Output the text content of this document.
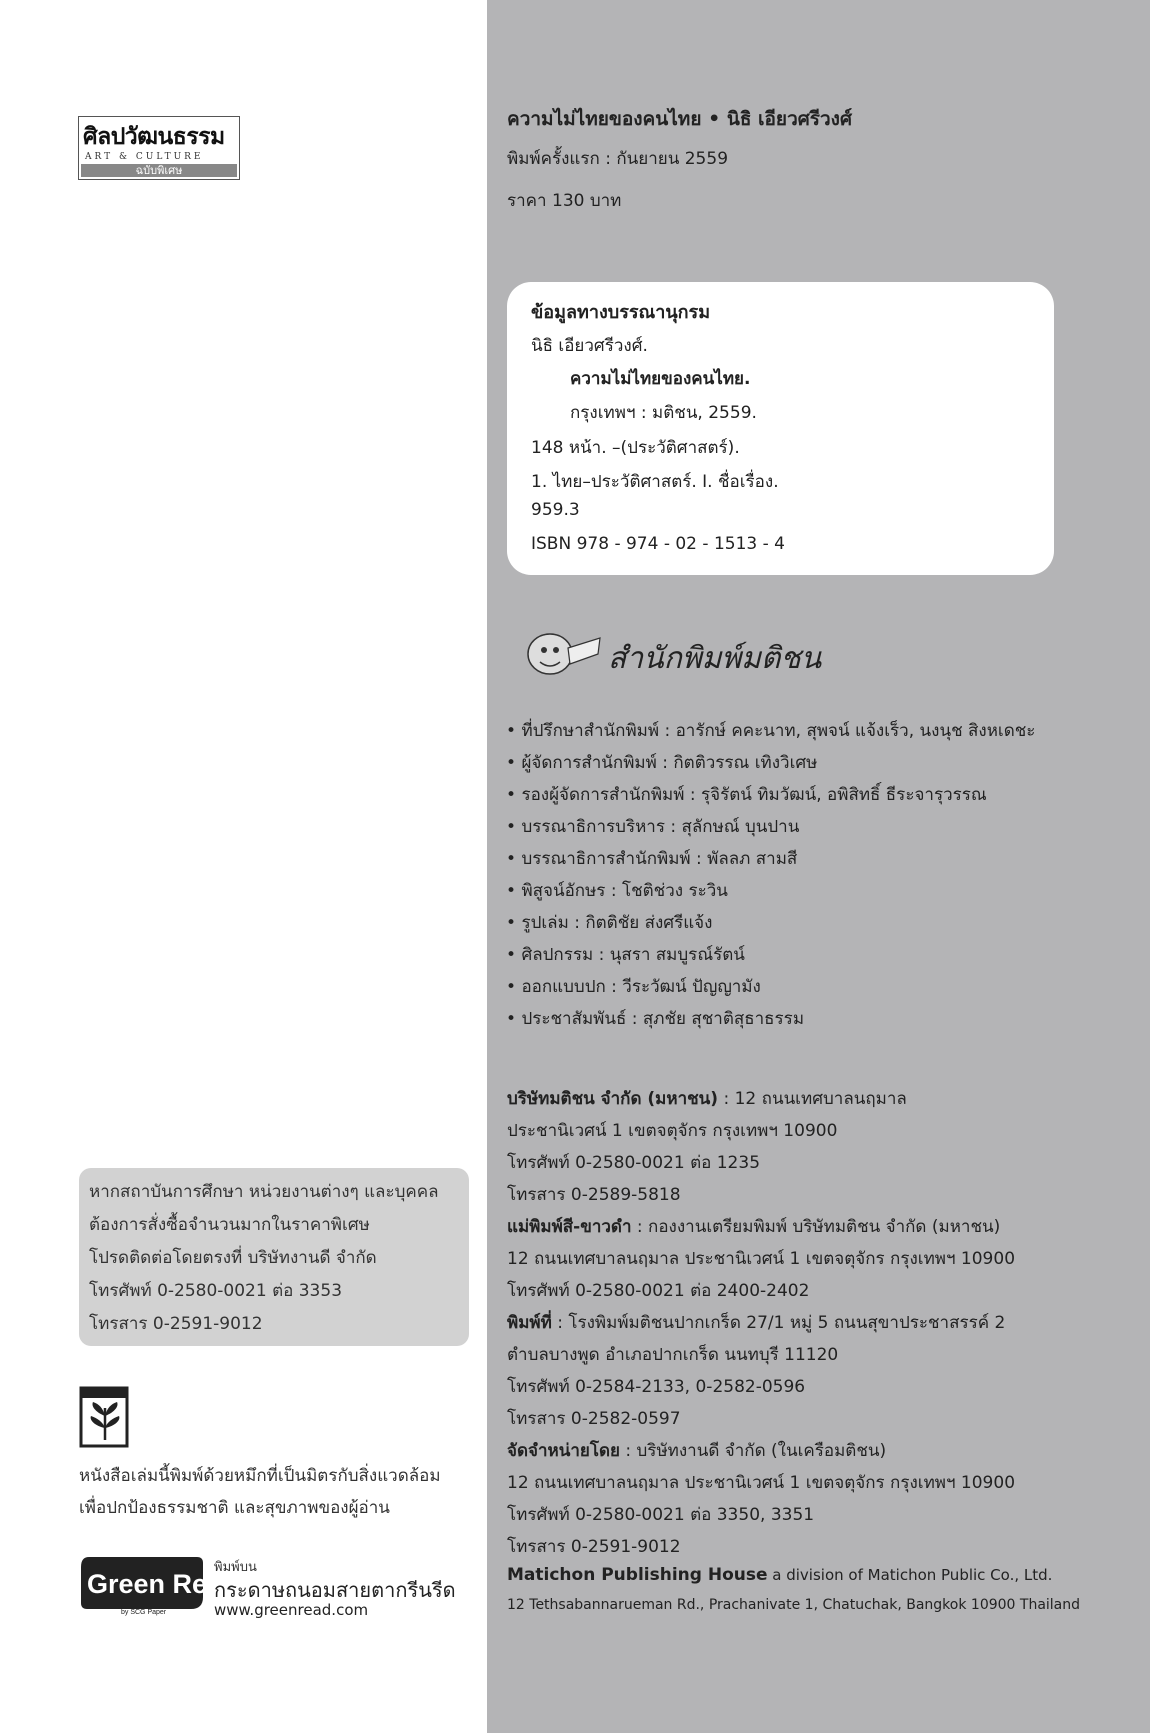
ศิลปวัฒนธรรม
ART & CULTURE
ฉบับพิเศษ
หากสถาบันการศึกษา หน่วยงานต่างๆ และบุคคล
ต้องการสั่งซื้อจำนวนมากในราคาพิเศษ
โปรดติดต่อโดยตรงที่ บริษัทงานดี จำกัด
โทรศัพท์ 0-2580-0021 ต่อ 3353
โทรสาร 0-2591-9012
หนังสือเล่มนี้พิมพ์ด้วยหมึกที่เป็นมิตรกับสิ่งแวดล้อม
เพื่อปกป้องธรรมชาติ และสุขภาพของผู้อ่าน
Green Read
by SCG Paper
พิมพ์บน
กระดาษถนอมสายตากรีนรีด
www.greenread.com
ความไม่ไทยของคนไทย • นิธิ เอียวศรีวงศ์
พิมพ์ครั้งแรก : กันยายน 2559
ราคา 130 บาท
ข้อมูลทางบรรณานุกรม
นิธิ เอียวศรีวงศ์.
ความไม่ไทยของคนไทย.
กรุงเทพฯ : มติชน, 2559.
148 หน้า. –(ประวัติศาสตร์).
1. ไทย–ประวัติศาสตร์. I. ชื่อเรื่อง.
959.3
ISBN 978 - 974 - 02 - 1513 - 4
สำนักพิมพ์มติชน
• ที่ปรึกษาสำนักพิมพ์ : อารักษ์ คคะนาท, สุพจน์ แจ้งเร็ว, นงนุช สิงหเดชะ
• ผู้จัดการสำนักพิมพ์ : กิตติวรรณ เทิงวิเศษ
• รองผู้จัดการสำนักพิมพ์ : รุจิรัตน์ ทิมวัฒน์, อพิสิทธิ์ ธีระจารุวรรณ
• บรรณาธิการบริหาร : สุลักษณ์ บุนปาน
• บรรณาธิการสำนักพิมพ์ : พัลลภ สามสี
• พิสูจน์อักษร : โชติช่วง ระวิน
• รูปเล่ม : กิตติชัย ส่งศรีแจ้ง
• ศิลปกรรม : นุสรา สมบูรณ์รัตน์
• ออกแบบปก : วีระวัฒน์ ปัญญามัง
• ประชาสัมพันธ์ : สุภชัย สุชาติสุธาธรรม
บริษัทมติชน จำกัด (มหาชน) : 12 ถนนเทศบาลนฤมาล
ประชานิเวศน์ 1 เขตจตุจักร กรุงเทพฯ 10900
โทรศัพท์ 0-2580-0021 ต่อ 1235
โทรสาร 0-2589-5818
แม่พิมพ์สี-ขาวดำ : กองงานเตรียมพิมพ์ บริษัทมติชน จำกัด (มหาชน)
12 ถนนเทศบาลนฤมาล ประชานิเวศน์ 1 เขตจตุจักร กรุงเทพฯ 10900
โทรศัพท์ 0-2580-0021 ต่อ 2400-2402
พิมพ์ที่ : โรงพิมพ์มติชนปากเกร็ด 27/1 หมู่ 5 ถนนสุขาประชาสรรค์ 2
ตำบลบางพูด อำเภอปากเกร็ด นนทบุรี 11120
โทรศัพท์ 0-2584-2133, 0-2582-0596
โทรสาร 0-2582-0597
จัดจำหน่ายโดย : บริษัทงานดี จำกัด (ในเครือมติชน)
12 ถนนเทศบาลนฤมาล ประชานิเวศน์ 1 เขตจตุจักร กรุงเทพฯ 10900
โทรศัพท์ 0-2580-0021 ต่อ 3350, 3351
โทรสาร 0-2591-9012
Matichon Publishing House a division of Matichon Public Co., Ltd.
12 Tethsabannarueman Rd., Prachanivate 1, Chatuchak, Bangkok 10900 Thailand
